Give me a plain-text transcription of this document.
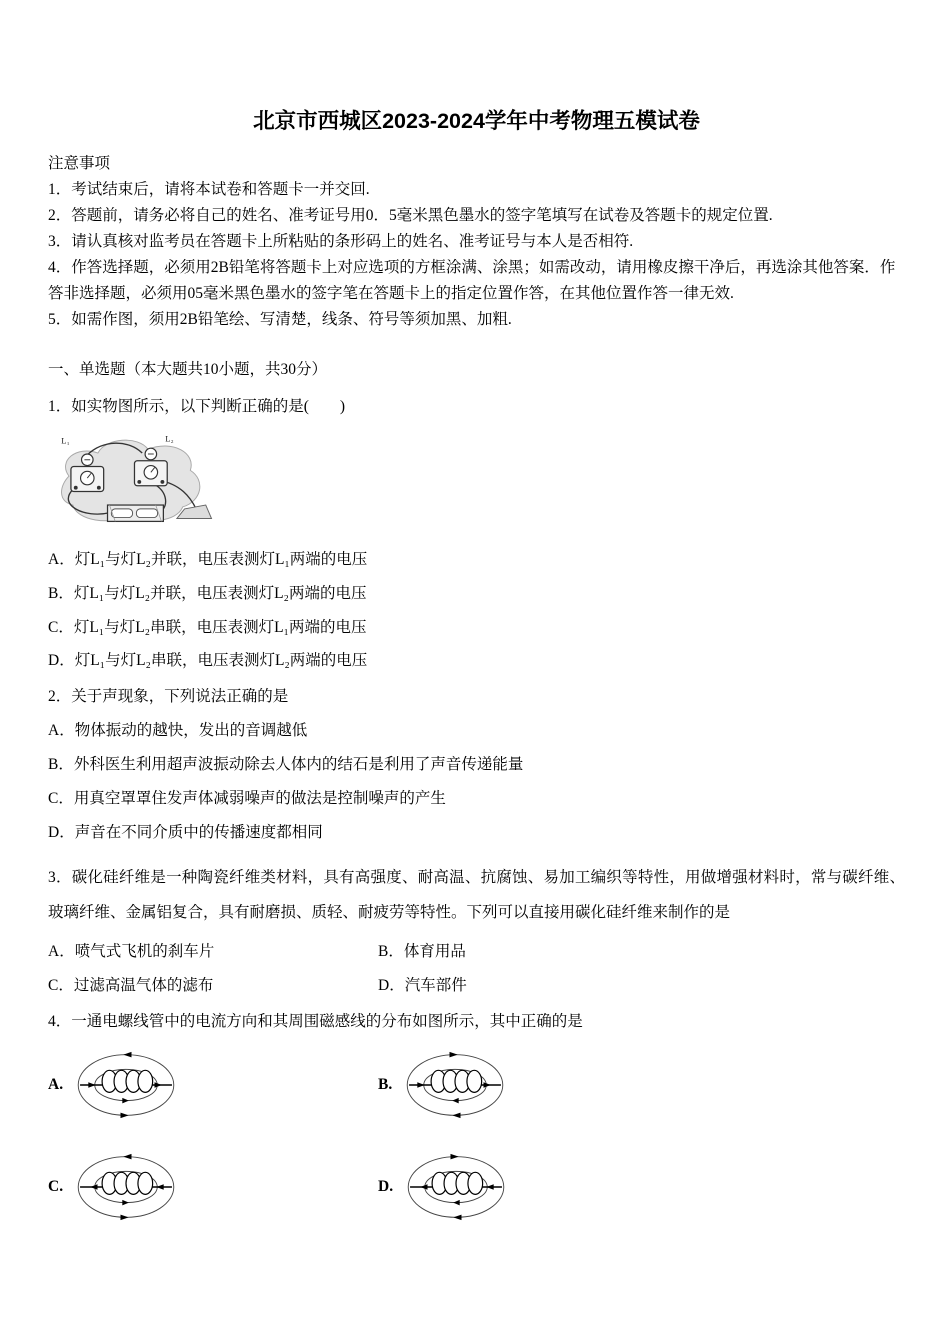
北京市西城区2023-2024学年中考物理五模试卷
注意事项

1．考试结束后，请将本试卷和答题卡一并交回.

2．答题前，请务必将自己的姓名、准考证号用0．5毫米黑色墨水的签字笔填写在试卷及答题卡的规定位置.

3．请认真核对监考员在答题卡上所粘贴的条形码上的姓名、准考证号与本人是否相符.

4．作答选择题，必须用2B铅笔将答题卡上对应选项的方框涂满、涂黑；如需改动，请用橡皮擦干净后，再选涂其他答案．作答非选择题，必须用05毫米黑色墨水的签字笔在答题卡上的指定位置作答，在其他位置作答一律无效.

5．如需作图，须用2B铅笔绘、写清楚，线条、符号等须加黑、加粗.

一、单选题（本大题共10小题，共30分）

1．如实物图所示，以下判断正确的是(　　)

L₁	L₂

A．灯L₁与灯L₂并联，电压表测灯L₁两端的电压

B．灯L₁与灯L₂并联，电压表测灯L₂两端的电压

C．灯L₁与灯L₂串联，电压表测灯L₁两端的电压

D．灯L₁与灯L₂串联，电压表测灯L₂两端的电压

2．关于声现象，下列说法正确的是

A．物体振动的越快，发出的音调越低

B．外科医生利用超声波振动除去人体内的结石是利用了声音传递能量

C．用真空罩罩住发声体减弱噪声的做法是控制噪声的产生

D．声音在不同介质中的传播速度都相同

3．碳化硅纤维是一种陶瓷纤维类材料，具有高强度、耐高温、抗腐蚀、易加工编织等特性，用做增强材料时，常与碳纤维、玻璃纤维、金属铝复合，具有耐磨损、质轻、耐疲劳等特性。下列可以直接用碳化硅纤维来制作的是

A．喷气式飞机的刹车片	B．体育用品

C．过滤高温气体的滤布	D．汽车部件

4．一通电螺线管中的电流方向和其周围磁感线的分布如图所示，其中正确的是

A.	B.
C.	D.
